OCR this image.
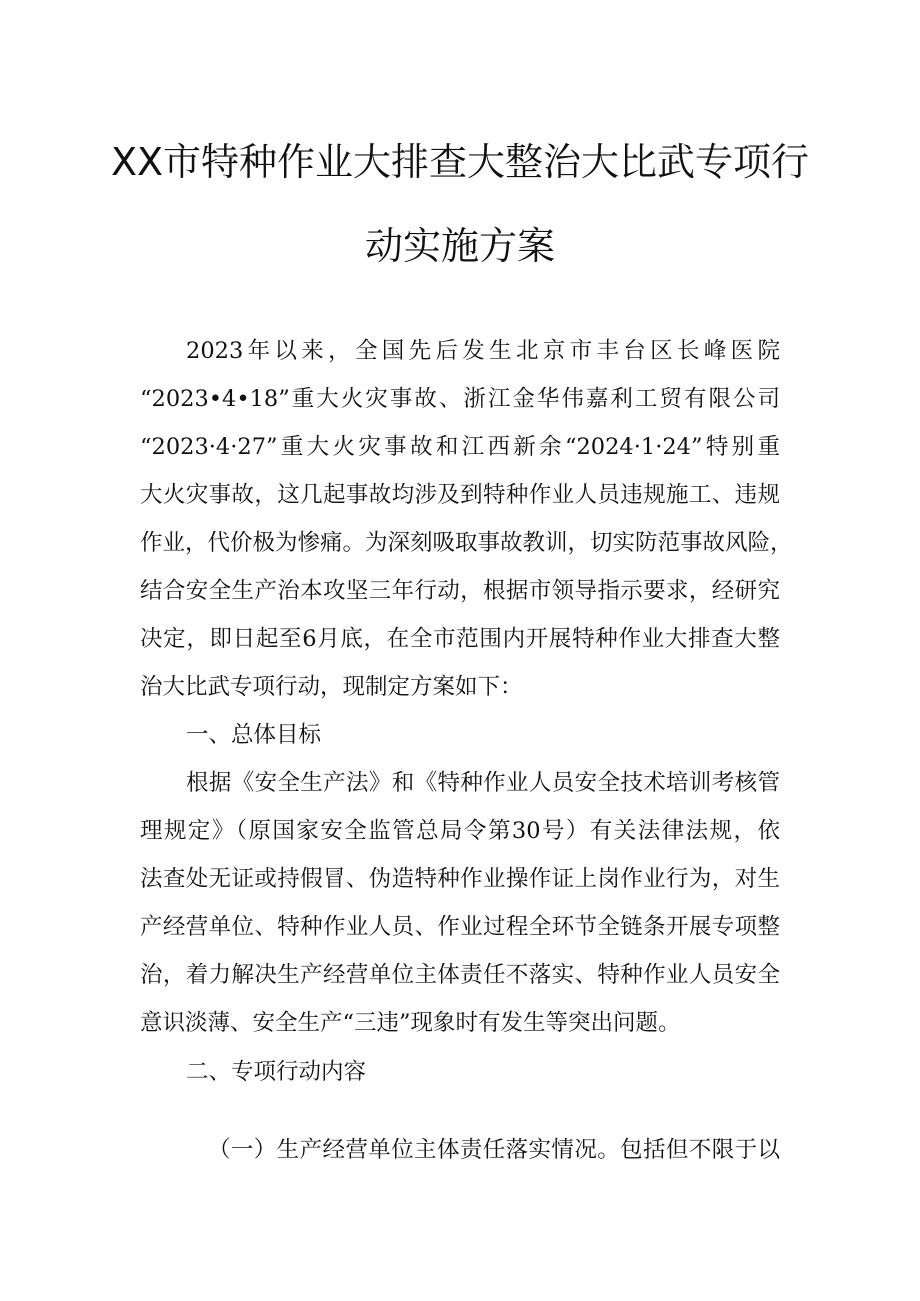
XX市特种作业大排查大整治大比武专项行
动实施方案
2023年以来，全国先后发生北京市丰台区长峰医院
“2023•4•18”重大火灾事故、浙江金华伟嘉利工贸有限公司
“2023·4·27”重大火灾事故和江西新余“2024·1·24”特别重
大火灾事故，这几起事故均涉及到特种作业人员违规施工、违规
作业，代价极为惨痛。为深刻吸取事故教训，切实防范事故风险，
结合安全生产治本攻坚三年行动，根据市领导指示要求，经研究
决定，即日起至6月底，在全市范围内开展特种作业大排查大整
治大比武专项行动，现制定方案如下：
一、总体目标
根据《安全生产法》和《特种作业人员安全技术培训考核管
理规定》（原国家安全监管总局令第30号）有关法律法规，依
法查处无证或持假冒、伪造特种作业操作证上岗作业行为，对生
产经营单位、特种作业人员、作业过程全环节全链条开展专项整
治，着力解决生产经营单位主体责任不落实、特种作业人员安全
意识淡薄、安全生产“三违”现象时有发生等突出问题。
二、专项行动内容
（一）生产经营单位主体责任落实情况。包括但不限于以
